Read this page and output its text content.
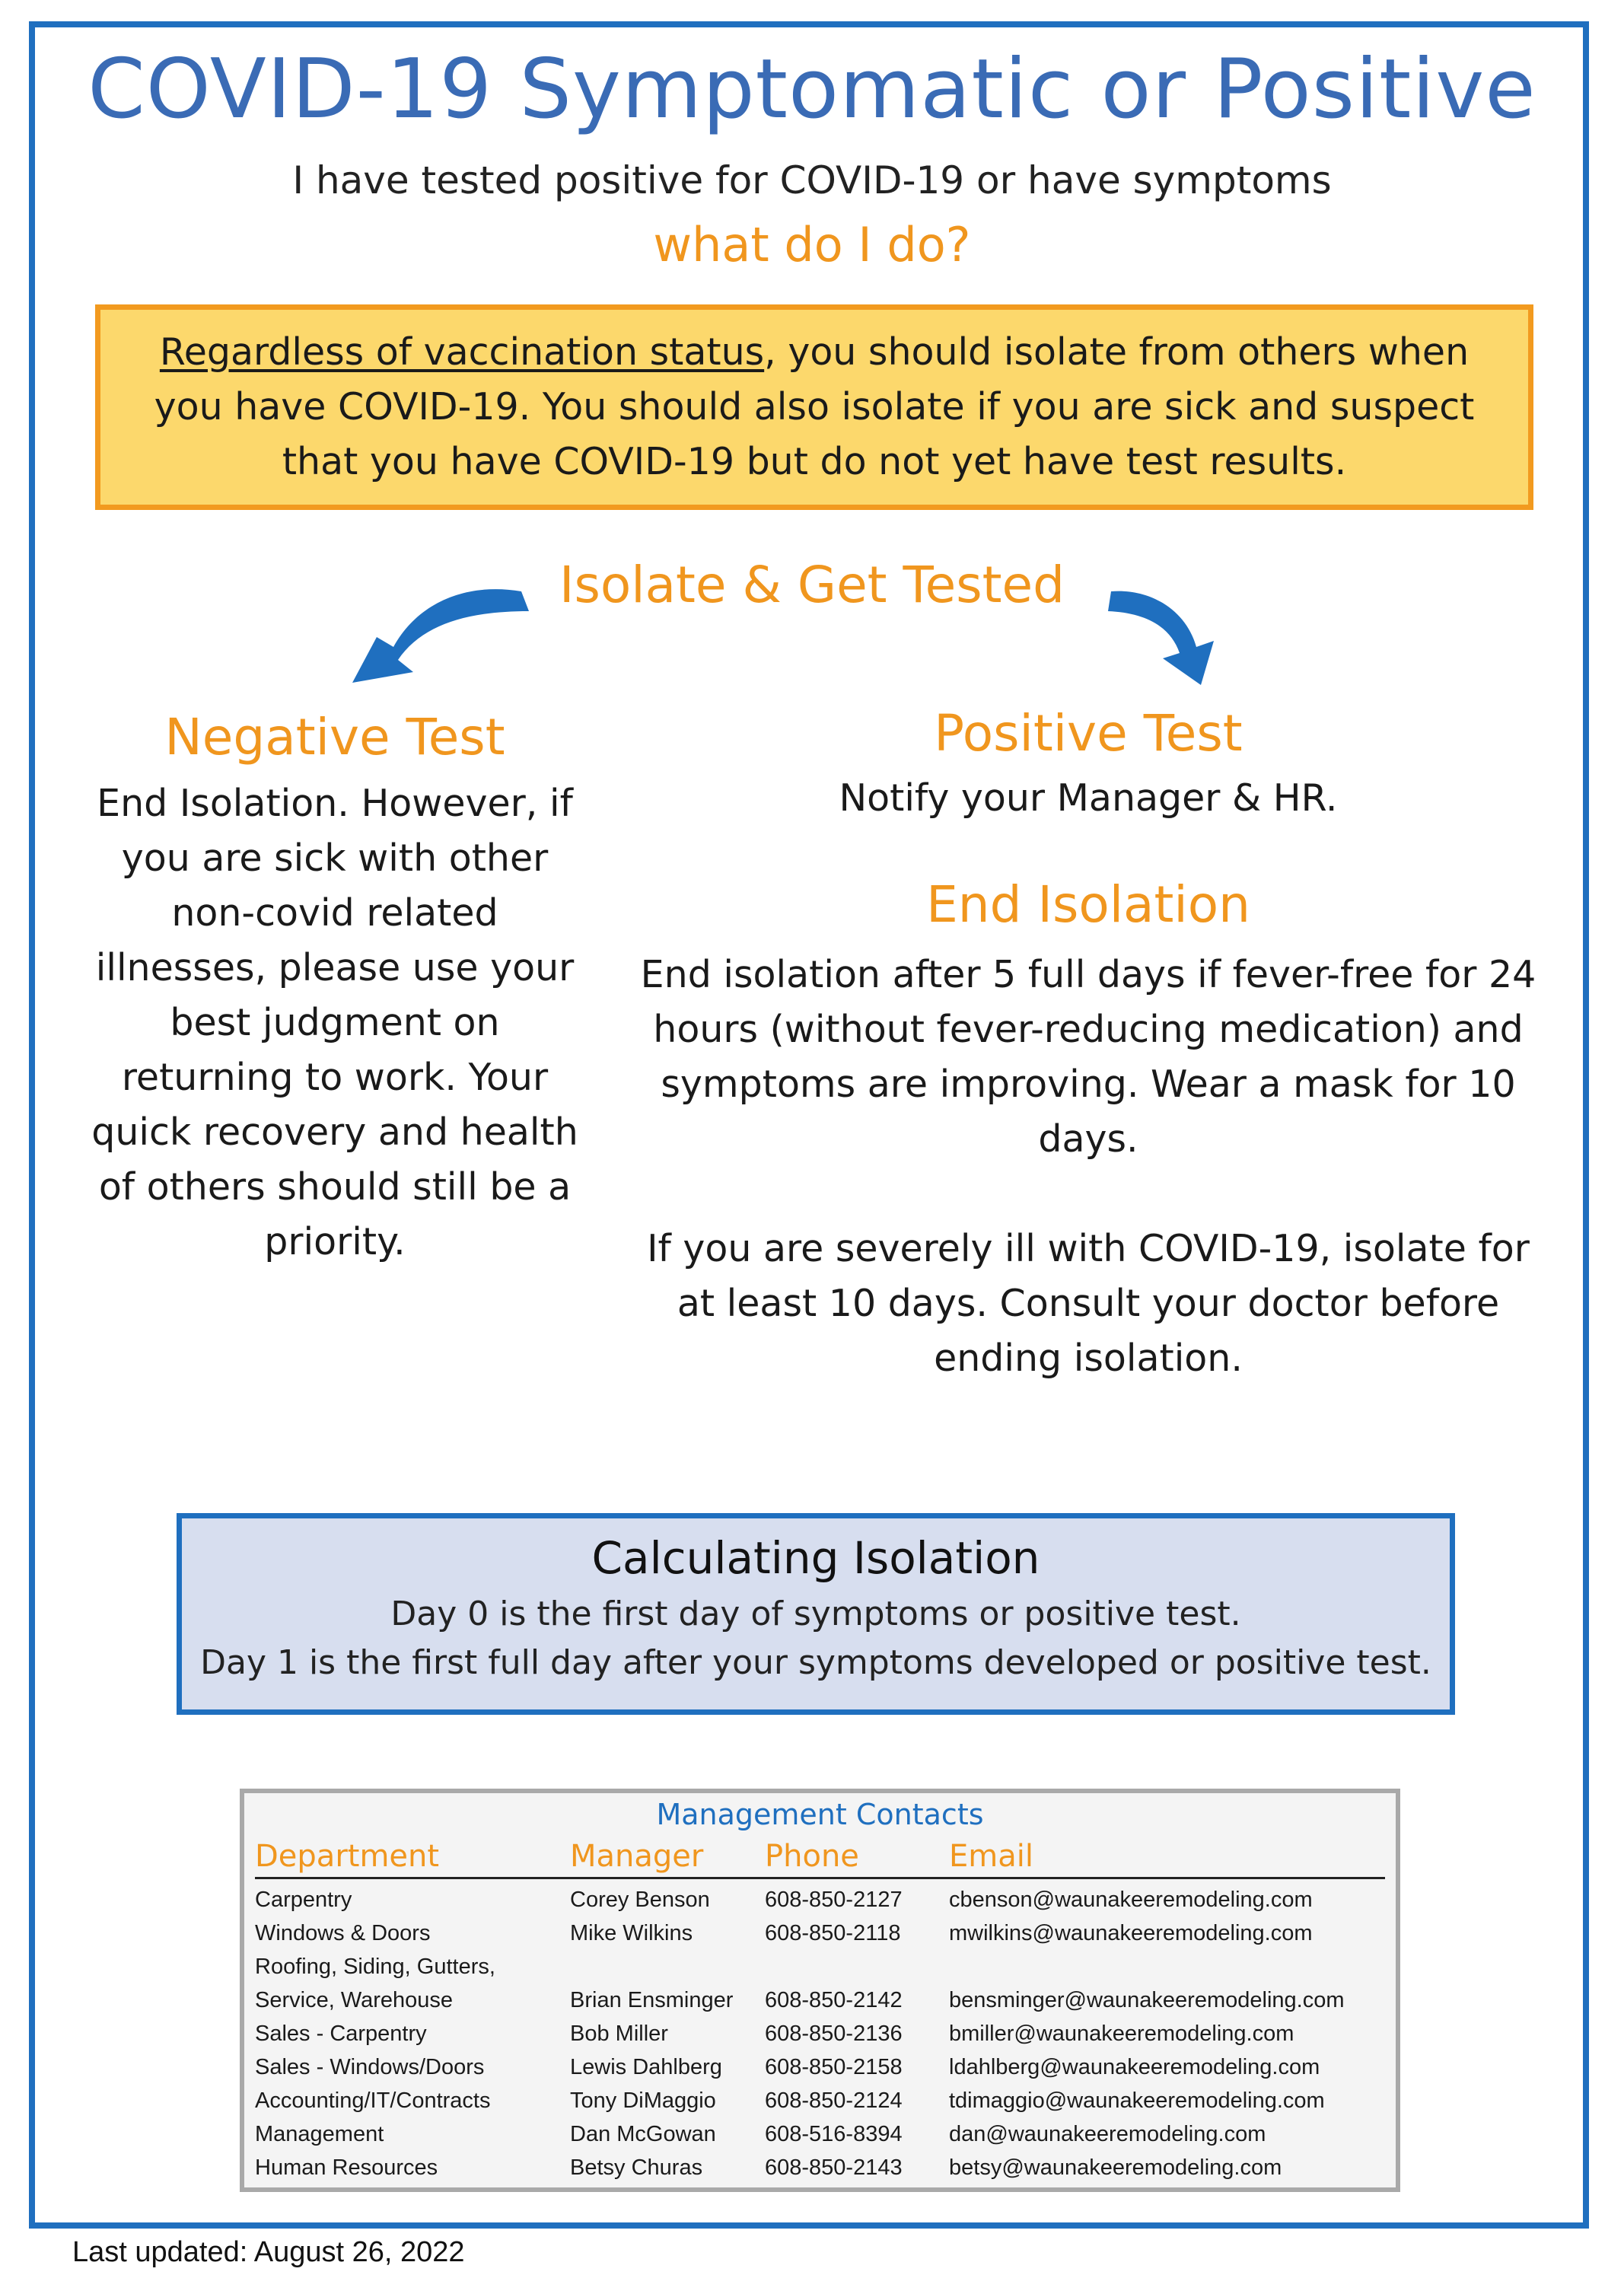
COVID-19 Symptomatic or Positive
I have tested positive for COVID-19 or have symptoms
what do I do?
Regardless of vaccination status, you should isolate from others when you have COVID-19. You should also isolate if you are sick and suspect that you have COVID-19 but do not yet have test results.
Isolate & Get Tested
Negative Test
End Isolation. However, if you are sick with other non-covid related illnesses, please use your best judgment on returning to work. Your quick recovery and health of others should still be a priority.
Positive Test
Notify your Manager & HR.
End Isolation
End isolation after 5 full days if fever-free for 24 hours (without fever-reducing medication) and symptoms are improving. Wear a mask for 10 days.
If you are severely ill with COVID-19, isolate for at least 10 days. Consult your doctor before ending isolation.
Calculating Isolation
Day 0 is the first day of symptoms or positive test.
Day 1 is the first full day after your symptoms developed or positive test.
Management Contacts
Department	Manager Phone	Email
Carpentry	Corey Benson 608-850-2127 cbenson@waunakeeremodeling.com
Windows & Doors	Mike Wilkins	608-850-2118 mwilkins@waunakeeremodeling.com
Roofing, Siding, Gutters,
Service, Warehouse	Brian Ensminger 608-850-2142 bensminger@waunakeeremodeling.com
Sales - Carpentry	Bob Miller	608-850-2136 bmiller@waunakeeremodeling.com
Sales - Windows/Doors	Lewis Dahlberg 608-850-2158 ldahlberg@waunakeeremodeling.com
Accounting/IT/Contracts	Tony DiMaggio 608-850-2124 tdimaggio@waunakeeremodeling.com
Management	Dan McGowan 608-516-8394 dan@waunakeeremodeling.com
Human Resources	Betsy Churas	608-850-2143 betsy@waunakeeremodeling.com
Last updated: August 26, 2022
